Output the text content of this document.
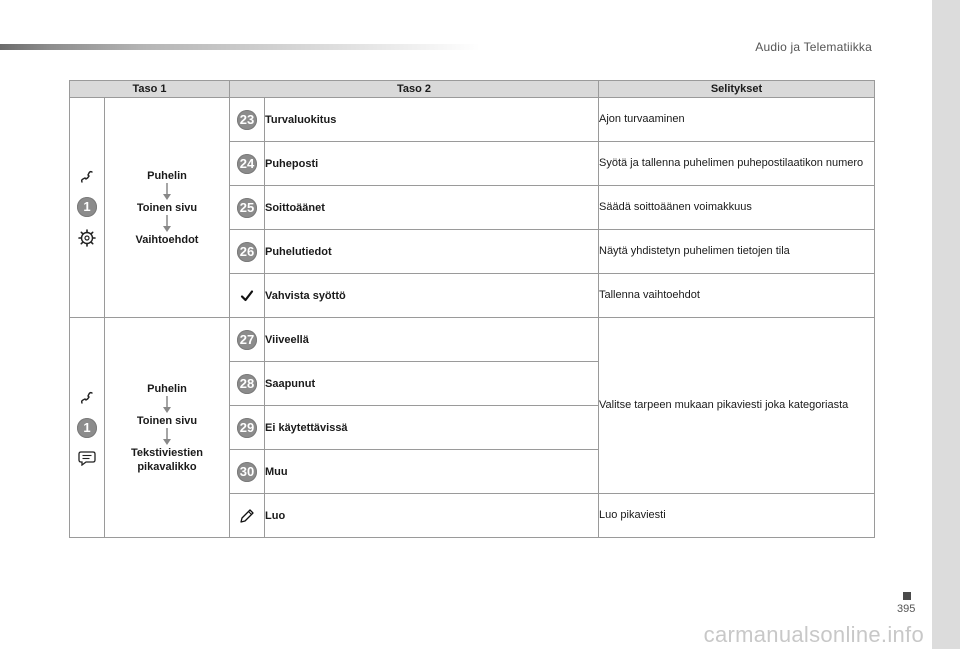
Audio ja Telematiikka
Taso 1		Taso 2		Selitykset

1	Puhelin
Toinen sivu
Vaihtoehdot	23	Turvaluokitus	Ajon turvaaminen
		24	Puheposti	Syötä ja tallenna puhelimen puhepostilaatikon numero
		25	Soittoäänet	Säädä soittoäänen voimakkuus
		26	Puhelutiedot	Näytä yhdistetyn puhelimen tietojen tila

	Vahvista syöttö	Tallenna vaihtoehdot

1	Puhelin
Toinen sivu
Tekstiviestien pikavalikko	27	Viiveellä	Valitse tarpeen mukaan pikaviesti joka kategoriasta
		28	Saapunut	
		29	Ei käytettävissä	
		30	Muu	

	Luo	Luo pikaviesti
395
carmanualsonline.info
